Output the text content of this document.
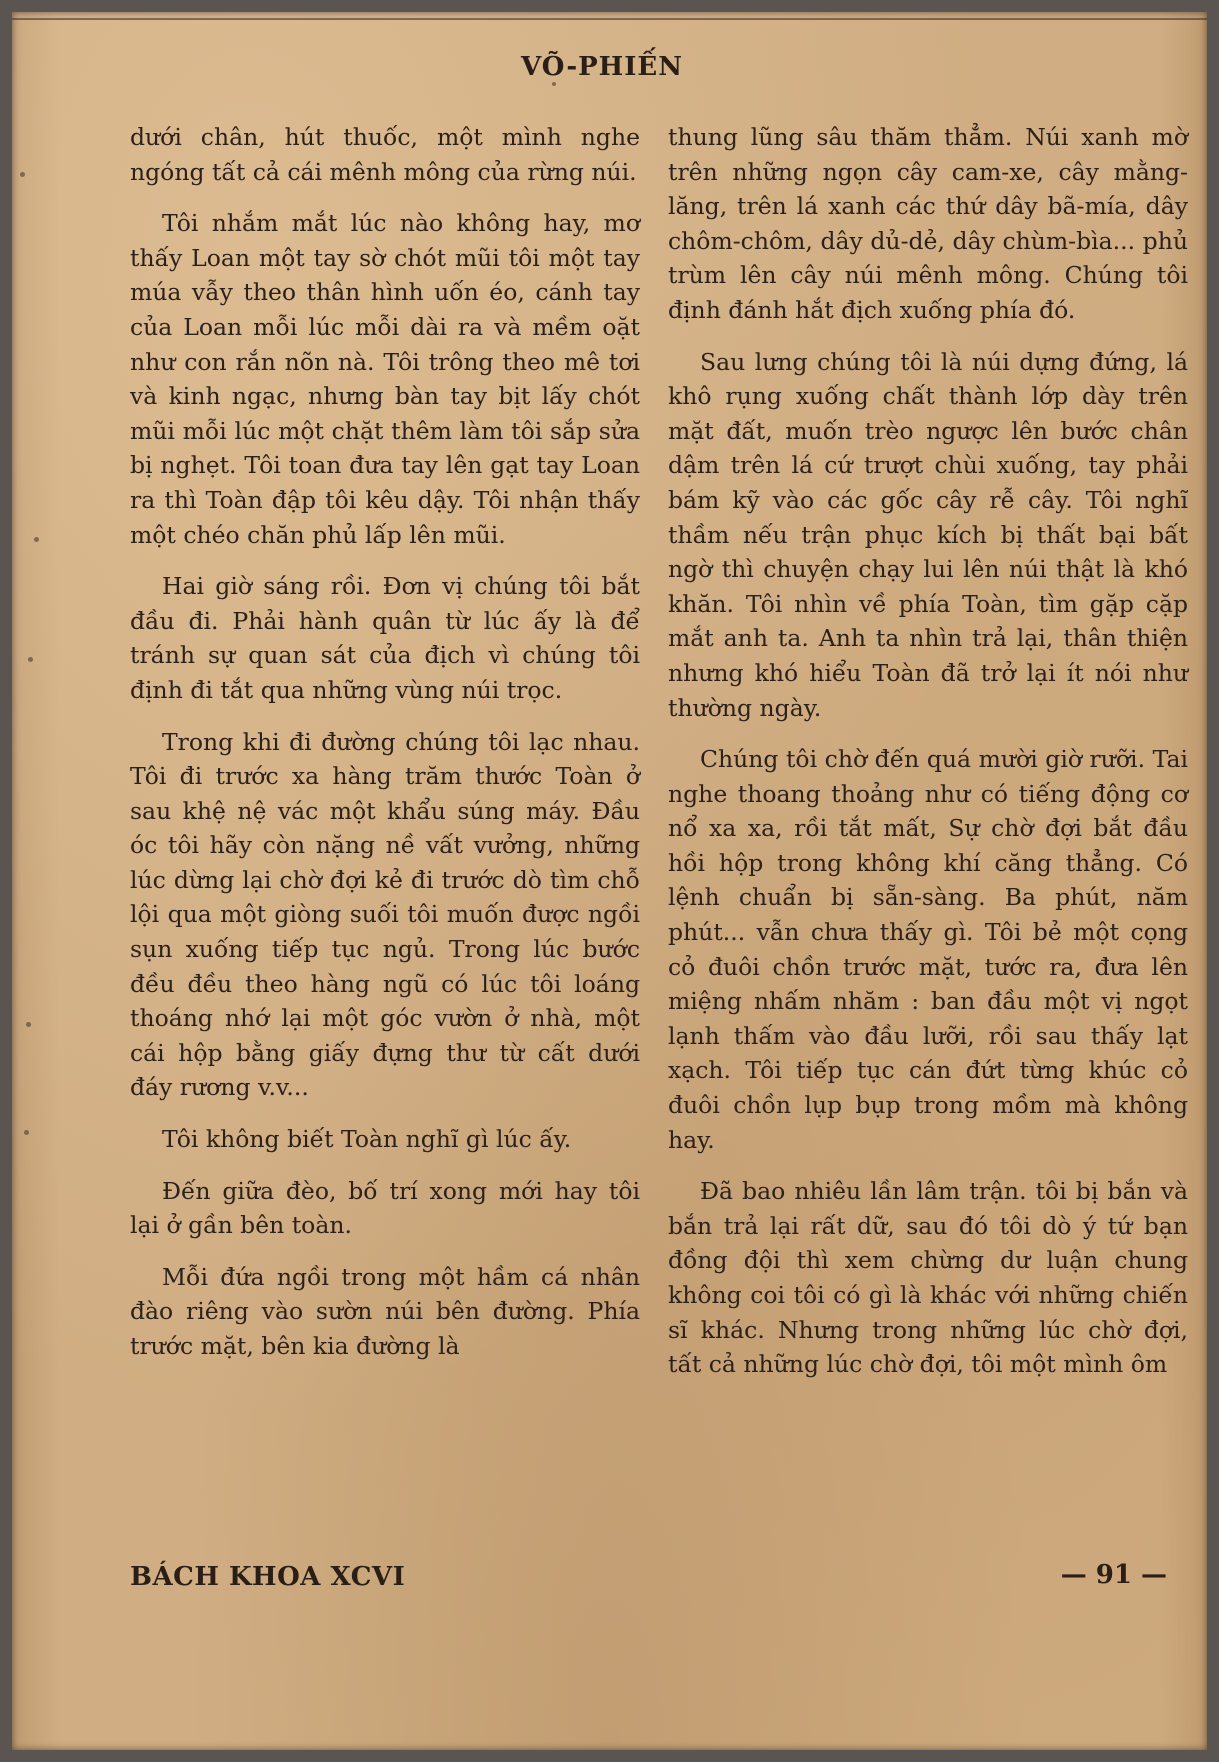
VÕ-PHIẾN

dưới chân, hút thuốc, một mình nghe ngóng tất cả cái mênh mông của rừng núi.

Tôi nhắm mắt lúc nào không hay, mơ thấy Loan một tay sờ chót mũi tôi một tay múa vẫy theo thân hình uốn éo, cánh tay của Loan mỗi lúc mỗi dài ra và mềm oặt như con rắn nõn nà. Tôi trông theo mê tơi và kinh ngạc, nhưng bàn tay bịt lấy chót mũi mỗi lúc một chặt thêm làm tôi sắp sửa bị nghẹt. Tôi toan đưa tay lên gạt tay Loan ra thì Toàn đập tôi kêu dậy. Tôi nhận thấy một chéo chăn phủ lấp lên mũi.

Hai giờ sáng rồi. Đơn vị chúng tôi bắt đầu đi. Phải hành quân từ lúc ấy là để tránh sự quan sát của địch vì chúng tôi định đi tắt qua những vùng núi trọc.

Trong khi đi đường chúng tôi lạc nhau. Tôi đi trước xa hàng trăm thước Toàn ở sau khệ nệ vác một khẩu súng máy. Đầu óc tôi hãy còn nặng nề vất vưởng, những lúc dừng lại chờ đợi kẻ đi trước dò tìm chỗ lội qua một giòng suối tôi muốn được ngồi sụn xuống tiếp tục ngủ. Trong lúc bước đều đều theo hàng ngũ có lúc tôi loáng thoáng nhớ lại một góc vườn ở nhà, một cái hộp bằng giấy đựng thư từ cất dưới đáy rương v.v...

Tôi không biết Toàn nghĩ gì lúc ấy.

Đến giữa đèo, bố trí xong mới hay tôi lại ở gần bên toàn.

Mỗi đứa ngồi trong một hầm cá nhân đào riêng vào sườn núi bên đường. Phía trước mặt, bên kia đường là

thung lũng sâu thăm thẳm. Núi xanh mờ trên những ngọn cây cam-xe, cây mằng-lăng, trên lá xanh các thứ dây bã-mía, dây chôm-chôm, dây dủ-dẻ, dây chùm-bìa... phủ trùm lên cây núi mênh mông. Chúng tôi định đánh hắt địch xuống phía đó.

Sau lưng chúng tôi là núi dựng đứng, lá khô rụng xuống chất thành lớp dày trên mặt đất, muốn trèo ngược lên bước chân dậm trên lá cứ trượt chùi xuống, tay phải bám kỹ vào các gốc cây rễ cây. Tôi nghĩ thầm nếu trận phục kích bị thất bại bất ngờ thì chuyện chạy lui lên núi thật là khó khăn. Tôi nhìn về phía Toàn, tìm gặp cặp mắt anh ta. Anh ta nhìn trả lại, thân thiện nhưng khó hiểu Toàn đã trở lại ít nói như thường ngày.

Chúng tôi chờ đến quá mười giờ rưỡi. Tai nghe thoang thoảng như có tiếng động cơ nổ xa xa, rồi tắt mất, Sự chờ đợi bắt đầu hồi hộp trong không khí căng thẳng. Có lệnh chuẩn bị sẵn-sàng. Ba phút, năm phút... vẫn chưa thấy gì. Tôi bẻ một cọng cỏ đuôi chồn trước mặt, tước ra, đưa lên miệng nhấm nhăm : ban đầu một vị ngọt lạnh thấm vào đầu lưỡi, rồi sau thấy lạt xạch. Tôi tiếp tục cán đứt từng khúc cỏ đuôi chồn lụp bụp trong mồm mà không hay.

Đã bao nhiêu lần lâm trận. tôi bị bắn và bắn trả lại rất dữ, sau đó tôi dò ý tứ bạn đồng đội thì xem chừng dư luận chung không coi tôi có gì là khác với những chiến sĩ khác. Nhưng trong những lúc chờ đợi, tất cả những lúc chờ đợi, tôi một mình ôm

BÁCH KHOA XCVI	— 91 —
